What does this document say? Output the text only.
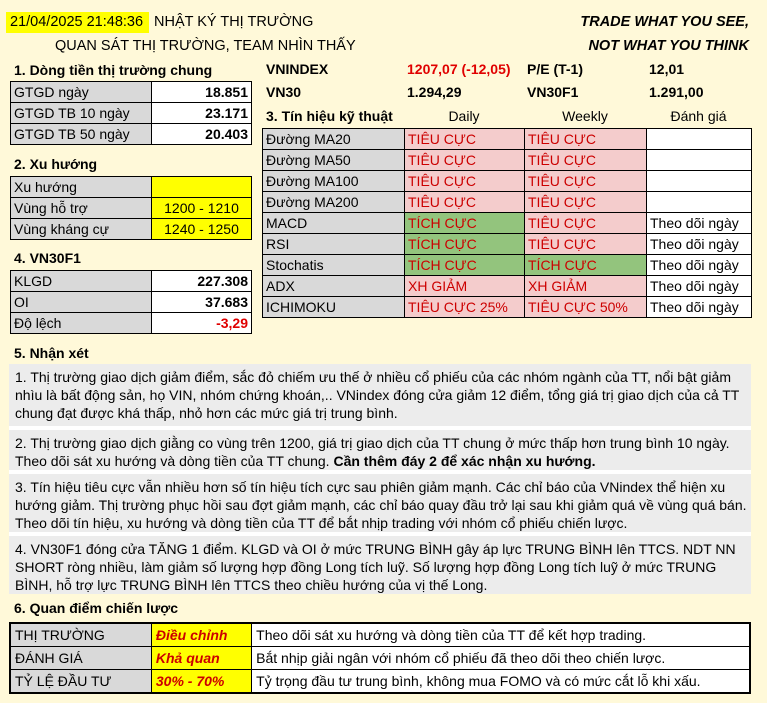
21/04/2025 21:48:36 NHẬT KÝ THỊ TRƯỜNG
QUAN SÁT THỊ TRƯỜNG, TEAM NHÌN THẤY
TRADE WHAT YOU SEE,
NOT WHAT YOU THINK
1. Dòng tiền thị trường chung
GTGD ngày	18.851
GTGD TB 10 ngày	23.171
GTGD TB 50 ngày	20.403
VNINDEX	1207,07 (-12,05)	P/E (T-1)	12,01
VN30	1.294,29	VN30F1	1.291,00
2. Xu hướng
Xu hướng	
Vùng hỗ trợ	1200 - 1210
Vùng kháng cự	1240 - 1250
4. VN30F1
KLGD	227.308
OI	37.683
Độ lệch	-3,29
3. Tín hiệu kỹ thuật	Daily	Weekly	Đánh giá
Đường MA20	TIÊU CỰC	TIÊU CỰC	
Đường MA50	TIÊU CỰC	TIÊU CỰC	
Đường MA100	TIÊU CỰC	TIÊU CỰC	
Đường MA200	TIÊU CỰC	TIÊU CỰC	
MACD	TÍCH CỰC	TIÊU CỰC	Theo dõi ngày
RSI	TÍCH CỰC	TIÊU CỰC	Theo dõi ngày
Stochatis	TÍCH CỰC	TÍCH CỰC	Theo dõi ngày
ADX	XH GIẢM	XH GIẢM	Theo dõi ngày
ICHIMOKU	TIÊU CỰC 25%	TIÊU CỰC 50%	Theo dõi ngày
5. Nhận xét
1. Thị trường giao dịch giảm điểm, sắc đỏ chiếm ưu thế ở nhiều cổ phiếu của các nhóm ngành của TT, nổi bật giảm nhìu là bất động sản, họ VIN, nhóm chứng khoán,.. VNindex đóng cửa giảm 12 điểm, tổng giá trị giao dịch của cả TT chung đạt được khá thấp, nhỏ hơn các mức giá trị trung bình.
2. Thị trường giao dịch giằng co vùng trên 1200, giá trị giao dịch của TT chung ở mức thấp hơn trung bình 10 ngày. Theo dõi sát xu hướng và dòng tiền của TT chung. Cần thêm đáy 2 để xác nhận xu hướng.
3. Tín hiệu tiêu cực vẫn nhiều hơn số tín hiệu tích cực sau phiên giảm mạnh. Các chỉ báo của VNindex thể hiện xu hướng giảm. Thị trường phục hồi sau đợt giảm mạnh, các chỉ báo quay đầu trở lại sau khi giảm quá về vùng quá bán. Theo dõi tín hiệu, xu hướng và dòng tiền của TT để bắt nhịp trading với nhóm cổ phiếu chiến lược.
4. VN30F1 đóng cửa TĂNG 1 điểm. KLGD và OI ở mức TRUNG BÌNH gây áp lực TRUNG BÌNH lên TTCS. NDT NN SHORT ròng nhiều, làm giảm số lượng hợp đồng Long tích luỹ. Số lượng hợp đồng Long tích luỹ ở mức TRUNG BÌNH, hỗ trợ lực TRUNG BÌNH lên TTCS theo chiều hướng của vị thế Long.
6. Quan điểm chiến lược
THỊ TRƯỜNG	Điều chỉnh	Theo dõi sát xu hướng và dòng tiền của TT để kết hợp trading.
ĐÁNH GIÁ	Khả quan	Bắt nhịp giải ngân với nhóm cổ phiếu đã theo dõi theo chiến lược.
TỶ LỆ ĐẦU TƯ	30% - 70%	Tỷ trọng đầu tư trung bình, không mua FOMO và có mức cắt lỗ khi xấu.
